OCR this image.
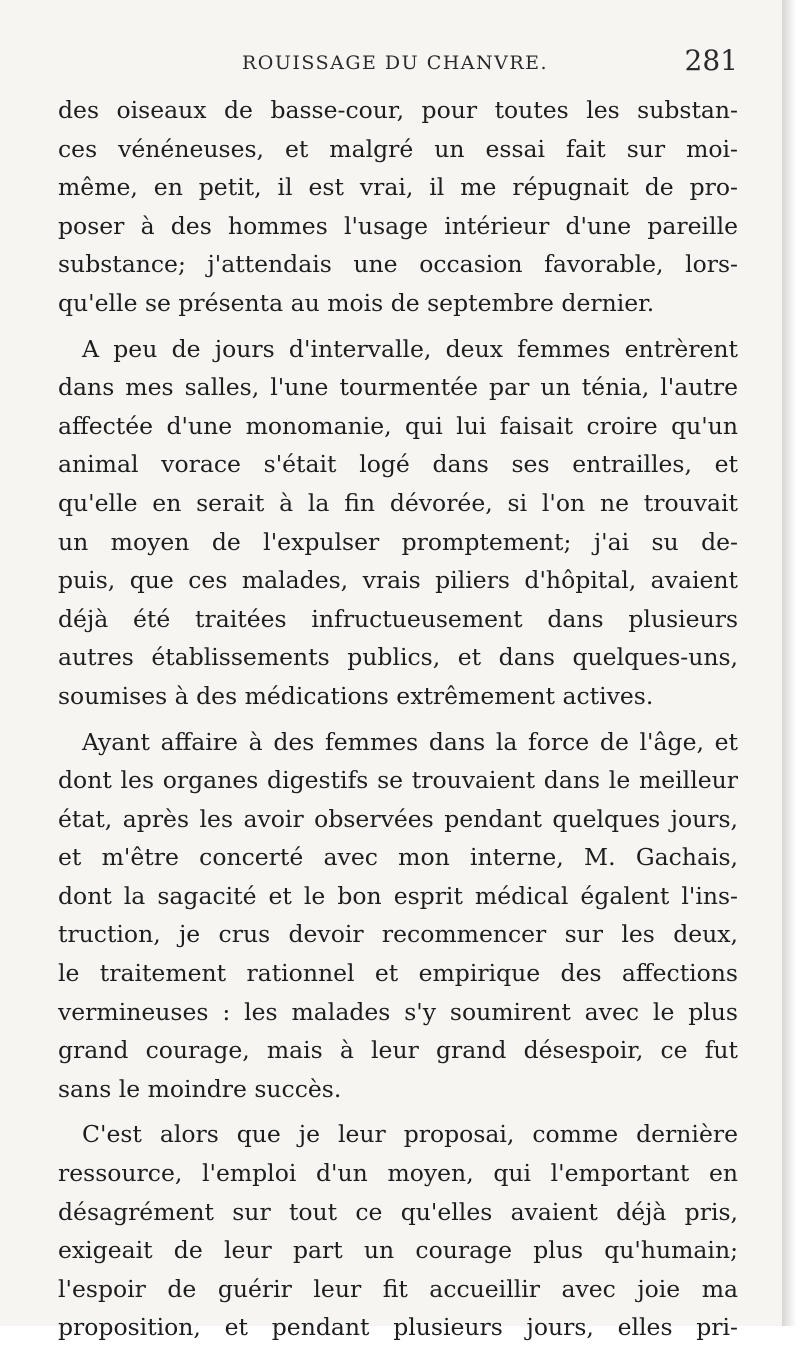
ROUISSAGE DU CHANVRE.	281

des oiseaux de basse-cour, pour toutes les substan-
ces vénéneuses, et malgré un essai fait sur moi-
même, en petit, il est vrai, il me répugnait de pro-
poser à des hommes l'usage intérieur d'une pareille
substance; j'attendais une occasion favorable, lors-
qu'elle se présenta au mois de septembre dernier.

A peu de jours d'intervalle, deux femmes entrèrent
dans mes salles, l'une tourmentée par un ténia, l'autre
affectée d'une monomanie, qui lui faisait croire qu'un
animal vorace s'était logé dans ses entrailles, et
qu'elle en serait à la fin dévorée, si l'on ne trouvait
un moyen de l'expulser promptement; j'ai su de-
puis, que ces malades, vrais piliers d'hôpital, avaient
déjà été traitées infructueusement dans plusieurs
autres établissements publics, et dans quelques-uns,
soumises à des médications extrêmement actives.

Ayant affaire à des femmes dans la force de l'âge, et
dont les organes digestifs se trouvaient dans le meilleur
état, après les avoir observées pendant quelques jours,
et m'être concerté avec mon interne, M. Gachais,
dont la sagacité et le bon esprit médical égalent l'ins-
truction, je crus devoir recommencer sur les deux,
le traitement rationnel et empirique des affections
vermineuses : les malades s'y soumirent avec le plus
grand courage, mais à leur grand désespoir, ce fut
sans le moindre succès.

C'est alors que je leur proposai, comme dernière
ressource, l'emploi d'un moyen, qui l'emportant en
désagrément sur tout ce qu'elles avaient déjà pris,
exigeait de leur part un courage plus qu'humain;
l'espoir de guérir leur fit accueillir avec joie ma
proposition, et pendant plusieurs jours, elles pri-
